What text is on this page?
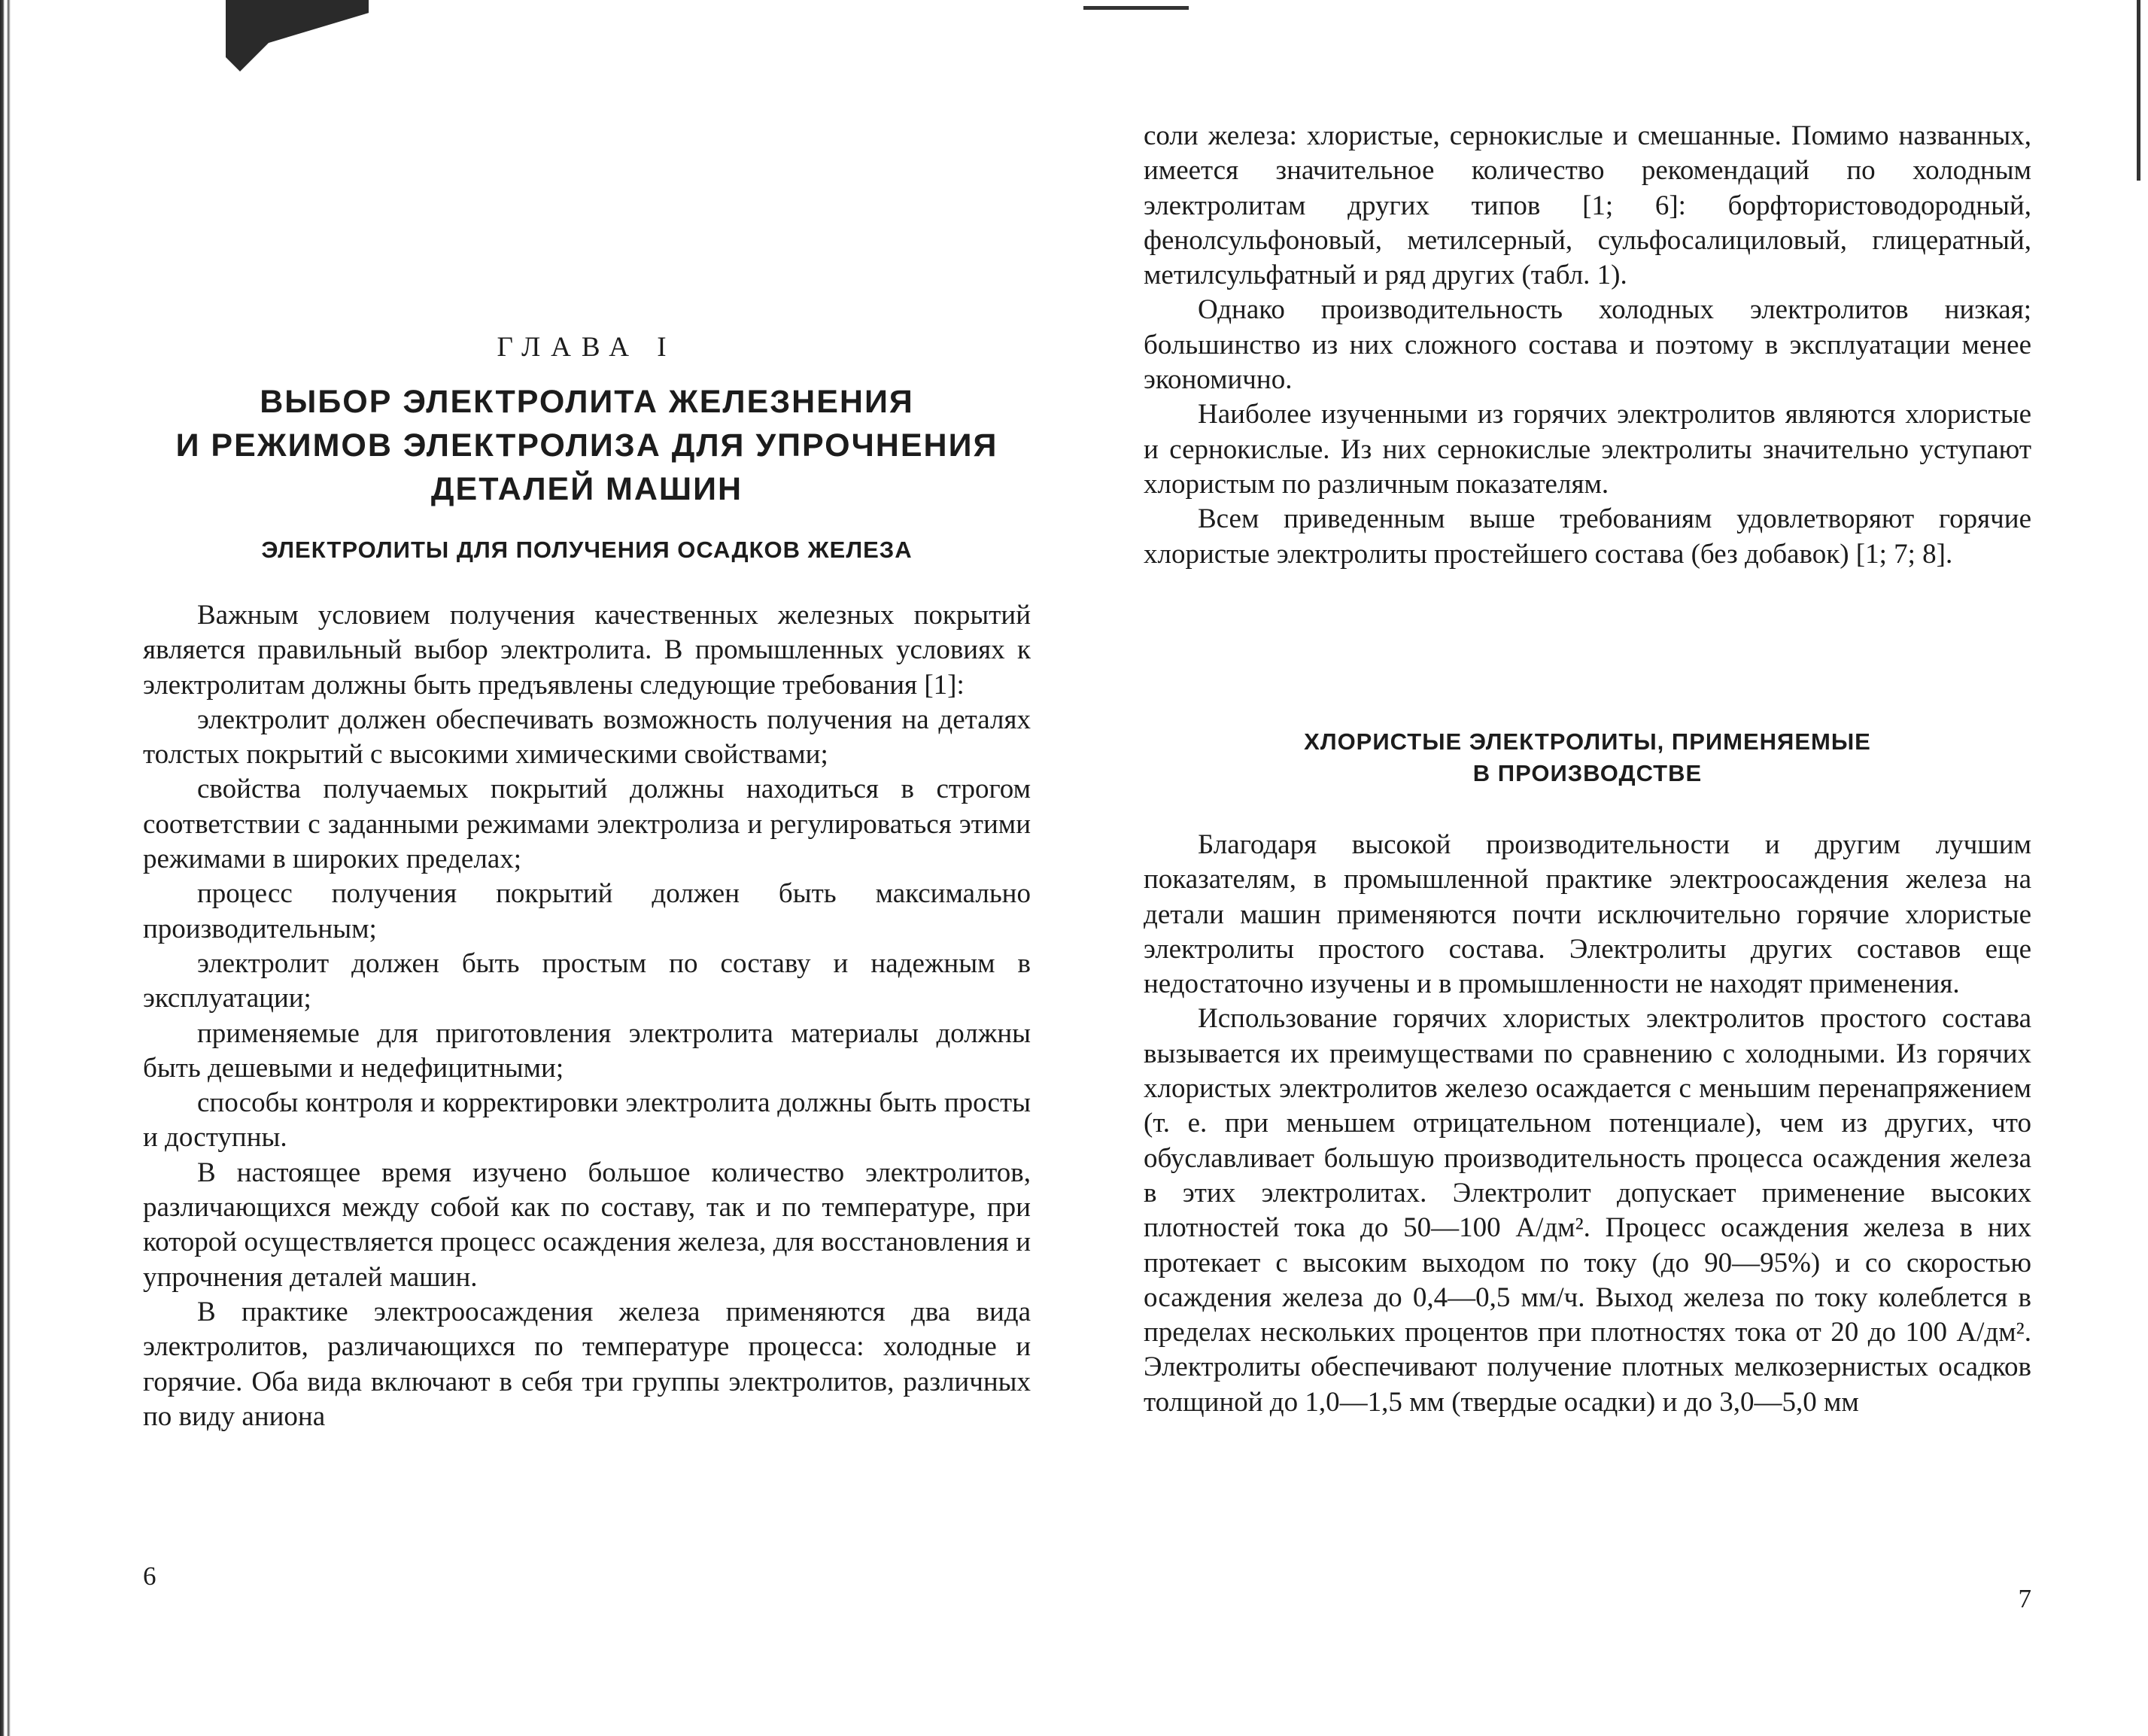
ГЛАВА I
ВЫБОР ЭЛЕКТРОЛИТА ЖЕЛЕЗНЕНИЯ
И РЕЖИМОВ ЭЛЕКТРОЛИЗА ДЛЯ УПРОЧНЕНИЯ
ДЕТАЛЕЙ МАШИН
ЭЛЕКТРОЛИТЫ ДЛЯ ПОЛУЧЕНИЯ ОСАДКОВ ЖЕЛЕЗА

Важным условием получения качественных железных покрытий является правильный выбор электролита. В промышленных условиях к электролитам должны быть предъявлены следующие требования [1]:

электролит должен обеспечивать возможность получения на деталях толстых покрытий с высокими химическими свойствами;

свойства получаемых покрытий должны находиться в строгом соответствии с заданными режимами электролиза и регулироваться этими режимами в широких пределах;

процесс получения покрытий должен быть максимально производительным;

электролит должен быть простым по составу и надежным в эксплуатации;

применяемые для приготовления электролита материалы должны быть дешевыми и недефицитными;

способы контроля и корректировки электролита должны быть просты и доступны.

В настоящее время изучено большое количество электролитов, различающихся между собой как по составу, так и по температуре, при которой осуществляется процесс осаждения железа, для восстановления и упрочнения деталей машин.

В практике электроосаждения железа применяются два вида электролитов, различающихся по температуре процесса: холодные и горячие. Оба вида включают в себя три группы электролитов, различных по виду аниона

6

соли железа: хлористые, сернокислые и смешанные. Помимо названных, имеется значительное количество рекомендаций по холодным электролитам других типов [1; 6]: борфтористоводородный, фенолсульфоновый, метилсерный, сульфосалициловый, глицератный, метилсульфатный и ряд других (табл. 1).

Однако производительность холодных электролитов низкая; большинство из них сложного состава и поэтому в эксплуатации менее экономично.

Наиболее изученными из горячих электролитов являются хлористые и сернокислые. Из них сернокислые электролиты значительно уступают хлористым по различным показателям.

Всем приведенным выше требованиям удовлетворяют горячие хлористые электролиты простейшего состава (без добавок) [1; 7; 8].

ХЛОРИСТЫЕ ЭЛЕКТРОЛИТЫ, ПРИМЕНЯЕМЫЕ
В ПРОИЗВОДСТВЕ

Благодаря высокой производительности и другим лучшим показателям, в промышленной практике электроосаждения железа на детали машин применяются почти исключительно горячие хлористые электролиты простого состава. Электролиты других составов еще недостаточно изучены и в промышленности не находят применения.

Использование горячих хлористых электролитов простого состава вызывается их преимуществами по сравнению с холодными. Из горячих хлористых электролитов железо осаждается с меньшим перенапряжением (т. е. при меньшем отрицательном потенциале), чем из других, что обуславливает большую производительность процесса осаждения железа в этих электролитах. Электролит допускает применение высоких плотностей тока до 50—100 А/дм². Процесс осаждения железа в них протекает с высоким выходом по току (до 90—95%) и со скоростью осаждения железа до 0,4—0,5 мм/ч. Выход железа по току колеблется в пределах нескольких процентов при плотностях тока от 20 до 100 А/дм². Электролиты обеспечивают получение плотных мелкозернистых осадков толщиной до 1,0—1,5 мм (твердые осадки) и до 3,0—5,0 мм

7
